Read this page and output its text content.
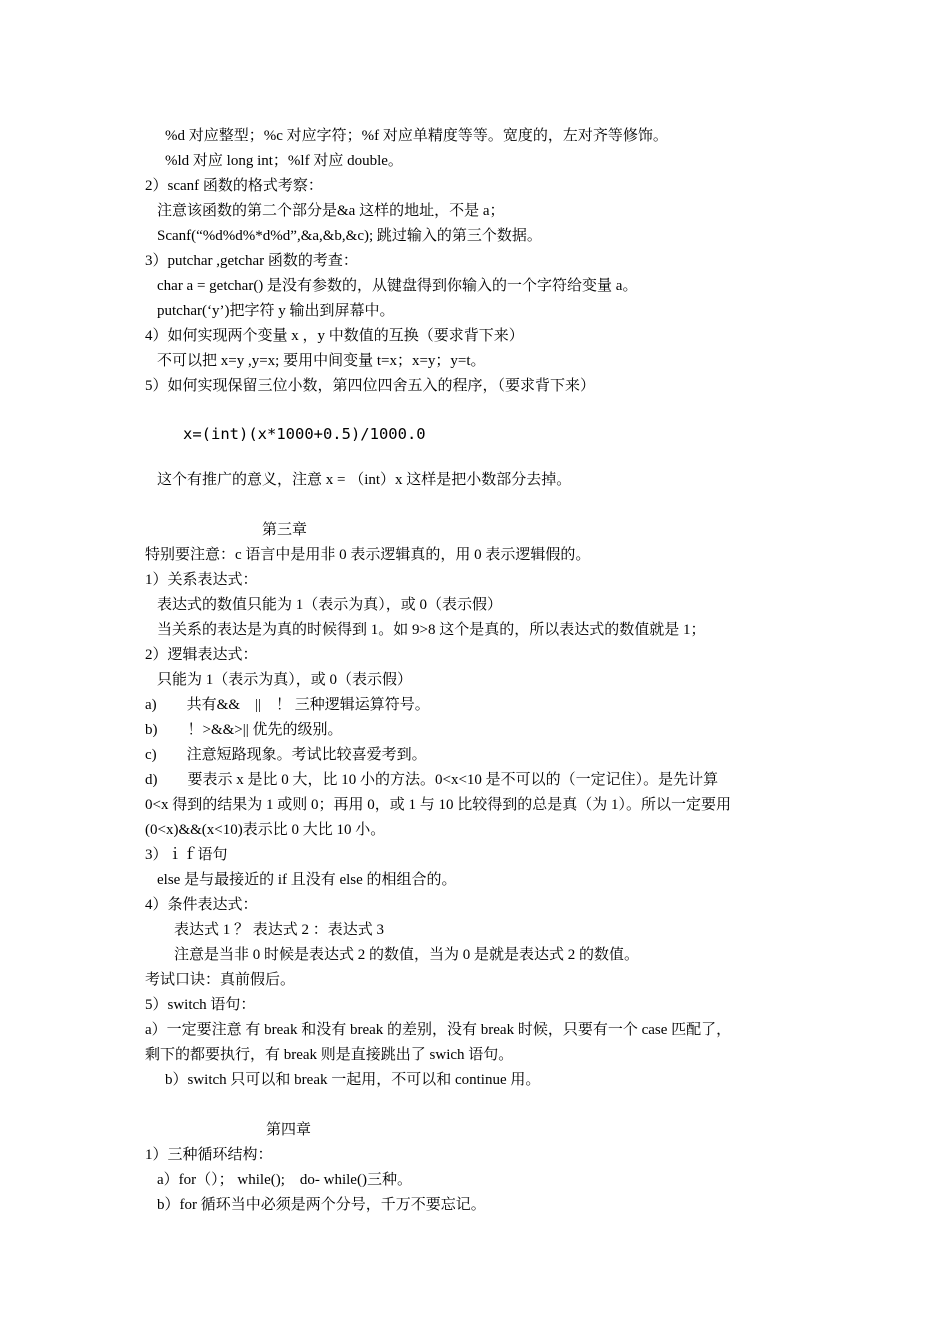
%d 对应整型；%c 对应字符；%f 对应单精度等等。宽度的，左对齐等修饰。
%ld 对应 long int；%lf 对应 double。
2）scanf 函数的格式考察：
注意该函数的第二个部分是&a 这样的地址，不是 a；
Scanf(“%d%d%*d%d”,&a,&b,&c); 跳过输入的第三个数据。
3）putchar ,getchar 函数的考查：
char a = getchar() 是没有参数的，从键盘得到你输入的一个字符给变量 a。
putchar(‘y’)把字符 y 输出到屏幕中。
4）如何实现两个变量 x ，y 中数值的互换（要求背下来）
不可以把 x=y ,y=x; 要用中间变量 t=x；x=y；y=t。
5）如何实现保留三位小数，第四位四舍五入的程序，（要求背下来）
x=(int)(x*1000+0.5)/1000.0
这个有推广的意义，注意 x = （int）x 这样是把小数部分去掉。
第三章
特别要注意：c 语言中是用非 0 表示逻辑真的，用 0 表示逻辑假的。
1）关系表达式：
表达式的数值只能为 1（表示为真），或 0（表示假）
当关系的表达是为真的时候得到 1。如 9>8 这个是真的，所以表达式的数值就是 1；
2）逻辑表达式：
只能为 1（表示为真），或 0（表示假）
a)　　共有&&　||　！ 三种逻辑运算符号。
b)　　！>&&>|| 优先的级别。
c)　　注意短路现象。考试比较喜爱考到。
d)　　要表示 x 是比 0 大，比 10 小的方法。0<x<10 是不可以的（一定记住）。是先计算
0<x 得到的结果为 1 或则 0；再用 0，或 1 与 10 比较得到的总是真（为 1）。所以一定要用
(0<x)&&(x<10)表示比 0 大比 10 小。
3）ｉｆ语句
else 是与最接近的 if 且没有 else 的相组合的。
4）条件表达式：
表达式 1 ？ 表达式 2 ：表达式 3
注意是当非 0 时候是表达式 2 的数值，当为 0 是就是表达式 2 的数值。
考试口诀：真前假后。
5）switch 语句：
a）一定要注意 有 break 和没有 break 的差别，没有 break 时候，只要有一个 case 匹配了，
剩下的都要执行，有 break 则是直接跳出了 swich 语句。
b）switch 只可以和 break 一起用，不可以和 continue 用。
第四章
1）三种循环结构：
a）for（）； while();　do- while()三种。
b）for 循环当中必须是两个分号，千万不要忘记。
